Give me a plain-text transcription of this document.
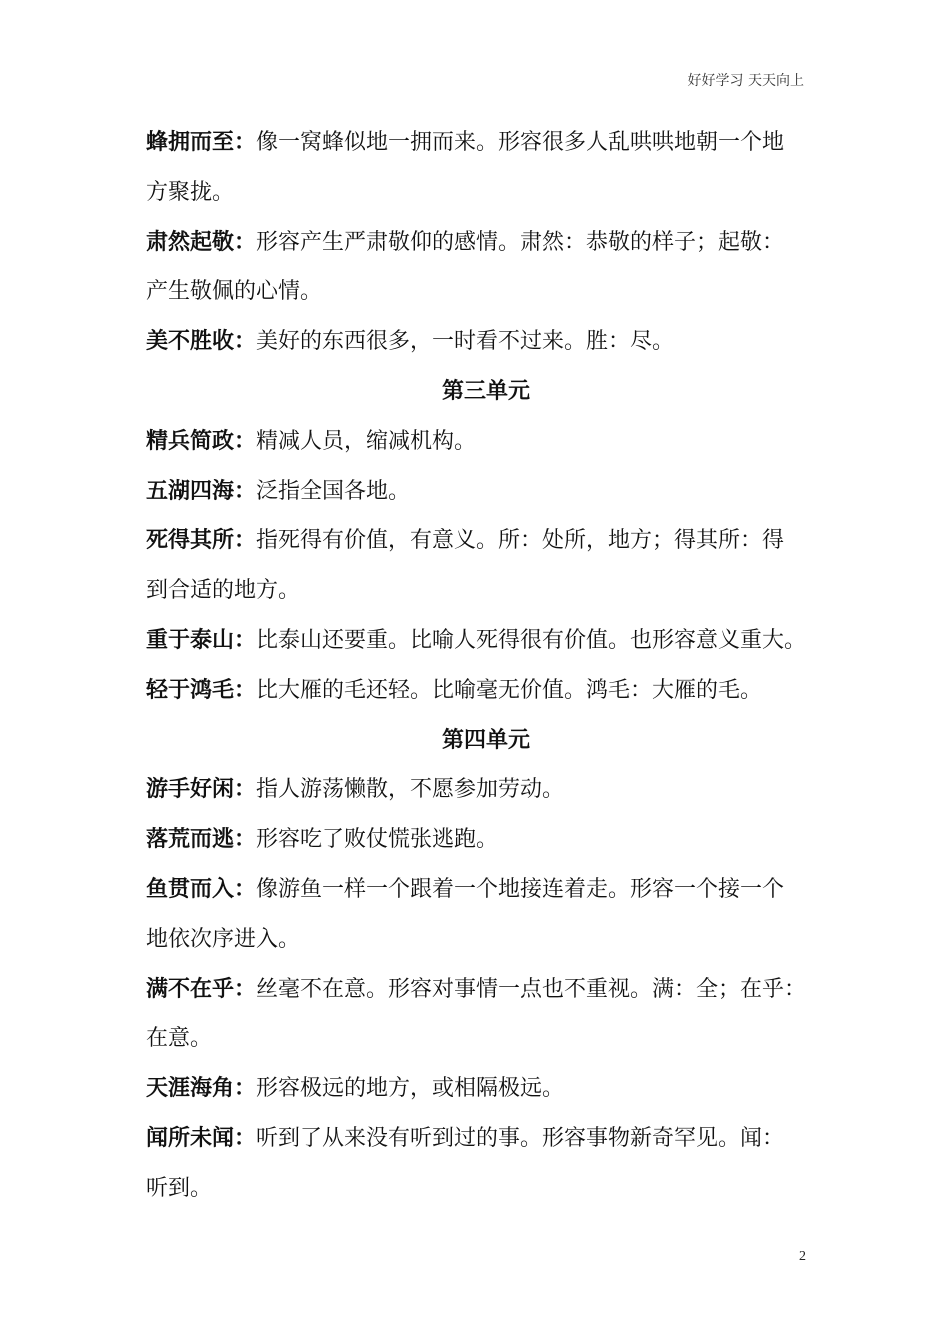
好好学习 天天向上
蜂拥而至：像一窝蜂似地一拥而来。形容很多人乱哄哄地朝一个地
方聚拢。
肃然起敬：形容产生严肃敬仰的感情。肃然：恭敬的样子；起敬：
产生敬佩的心情。
美不胜收：美好的东西很多，一时看不过来。胜：尽。
第三单元
精兵简政：精减人员，缩减机构。
五湖四海：泛指全国各地。
死得其所：指死得有价值，有意义。所：处所，地方；得其所：得
到合适的地方。
重于泰山：比泰山还要重。比喻人死得很有价值。也形容意义重大。
轻于鸿毛：比大雁的毛还轻。比喻毫无价值。鸿毛：大雁的毛。
第四单元
游手好闲：指人游荡懒散，不愿参加劳动。
落荒而逃：形容吃了败仗慌张逃跑。
鱼贯而入：像游鱼一样一个跟着一个地接连着走。形容一个接一个
地依次序进入。
满不在乎：丝毫不在意。形容对事情一点也不重视。满：全；在乎：
在意。
天涯海角：形容极远的地方，或相隔极远。
闻所未闻：听到了从来没有听到过的事。形容事物新奇罕见。闻：
听到。
2
